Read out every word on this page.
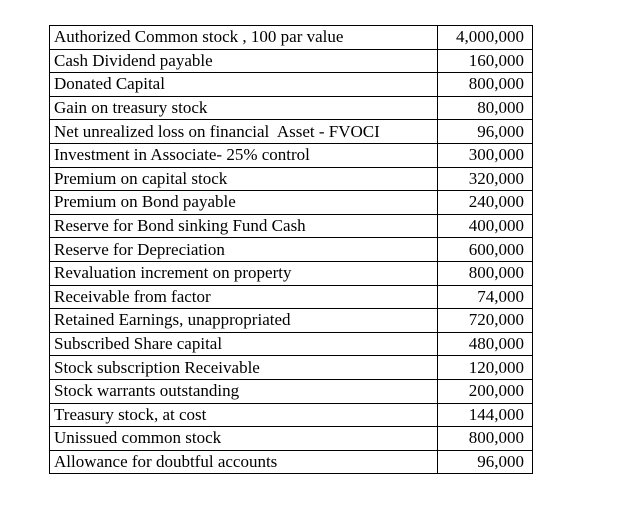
Authorized Common stock , 100 par value	4,000,000
Cash Dividend payable	160,000
Donated Capital	800,000
Gain on treasury stock	80,000
Net unrealized loss on financial  Asset - FVOCI	96,000
Investment in Associate- 25% control	300,000
Premium on capital stock	320,000
Premium on Bond payable	240,000
Reserve for Bond sinking Fund Cash	400,000
Reserve for Depreciation	600,000
Revaluation increment on property	800,000
Receivable from factor	74,000
Retained Earnings, unappropriated	720,000
Subscribed Share capital	480,000
Stock subscription Receivable	120,000
Stock warrants outstanding	200,000
Treasury stock, at cost	144,000
Unissued common stock	800,000
Allowance for doubtful accounts	96,000
